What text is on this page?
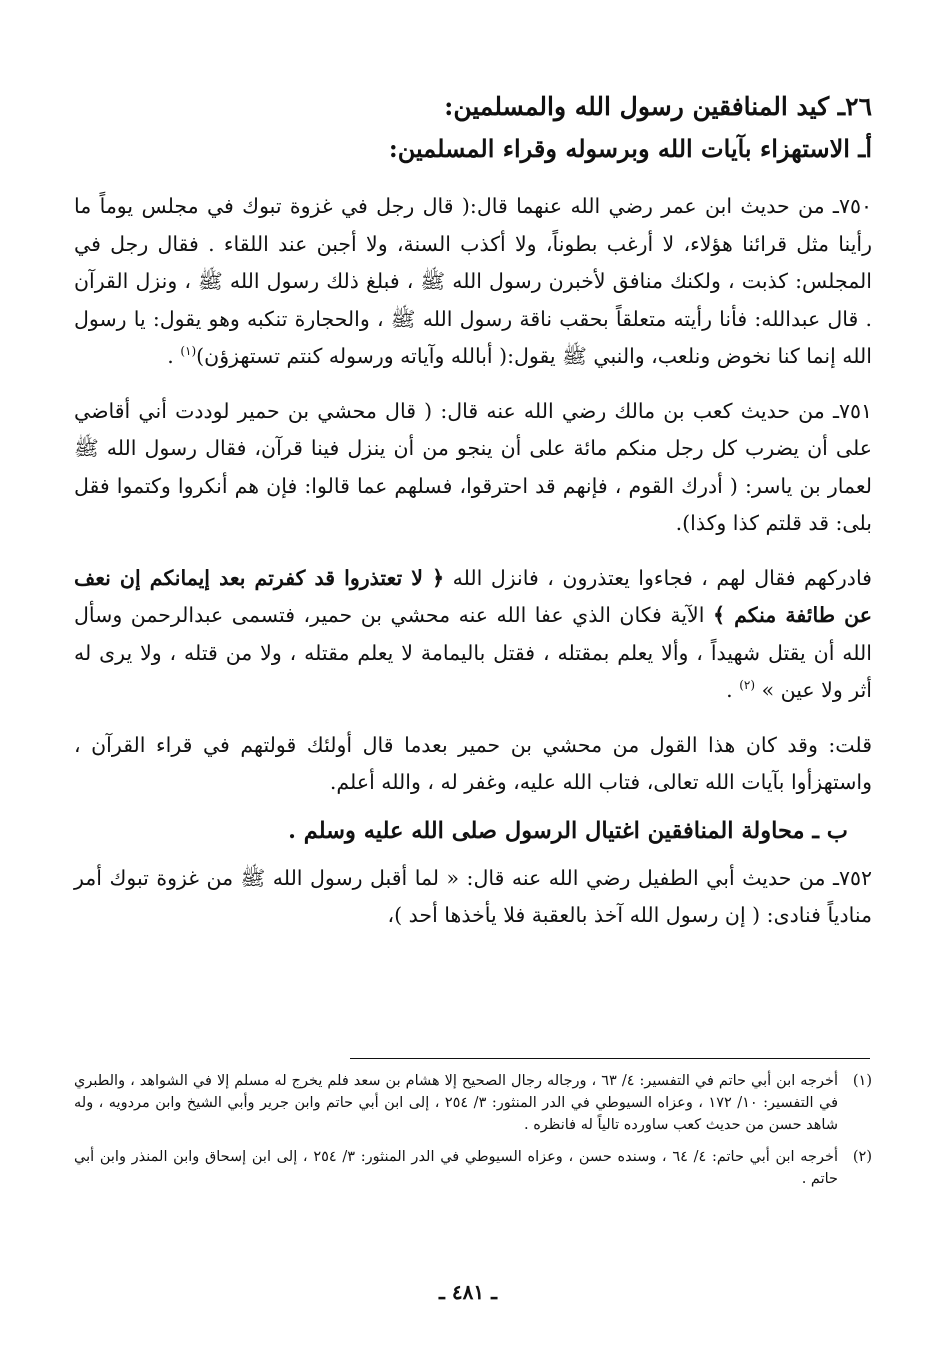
٢٦ـ كيد المنافقين رسول الله والمسلمين:
أـ الاستهزاء بآيات الله وبرسوله وقراء المسلمين:

٧٥٠ـ من حديث ابن عمر رضي الله عنهما قال:( قال رجل في غزوة تبوك في مجلس يوماً ما رأينا مثل قرائنا هؤلاء، لا أرغب بطوناً، ولا أكذب السنة، ولا أجبن عند اللقاء . فقال رجل في المجلس: كذبت ، ولكنك منافق لأخبرن رسول الله ﷺ ، فبلغ ذلك رسول الله ﷺ ، ونزل القرآن . قال عبدالله: فأنا رأيته متعلقاً بحقب ناقة رسول الله ﷺ ، والحجارة تنكبه وهو يقول: يا رسول الله إنما كنا نخوض ونلعب، والنبي ﷺ يقول:( أبالله وآياته ورسوله كنتم تستهزؤن)$^{(١)}$ .

٧٥١ـ من حديث كعب بن مالك رضي الله عنه قال: ( قال محشي بن حمير لوددت أني أقاضي على أن يضرب كل رجل منكم مائة على أن ينجو من أن ينزل فينا قرآن، فقال رسول الله ﷺ لعمار بن ياسر: ( أدرك القوم ، فإنهم قد احترقوا، فسلهم عما قالوا: فإن هم أنكروا وكتموا فقل بلى: قد قلتم كذا وكذا).

فادركهم فقال لهم ، فجاءوا يعتذرون ، فانزل الله ﴿ لا تعتذروا قد كفرتم بعد إيمانكم إن نعف عن طائفة منكم ﴾ الآية فكان الذي عفا الله عنه محشي بن حمير، فتسمى عبدالرحمن وسأل الله أن يقتل شهيداً ، وألا يعلم بمقتله ، فقتل باليمامة لا يعلم مقتله ، ولا من قتله ، ولا يرى له أثر ولا عين » $^{(٢)}$ .

قلت: وقد كان هذا القول من محشي بن حمير بعدما قال أولئك قولتهم في قراء القرآن ، واستهزأوا بآيات الله تعالى، فتاب الله عليه، وغفر له ، والله أعلم.

ب ـ محاولة المنافقين اغتيال الرسول صلى الله عليه وسلم .

٧٥٢ـ من حديث أبي الطفيل رضي الله عنه قال: « لما أقبل رسول الله ﷺ من غزوة تبوك أمر منادياً فنادى: ( إن رسول الله آخذ بالعقبة فلا يأخذها أحد )،

(١)
أخرجه ابن أبي حاتم في التفسير: ٤/ ٦٣ ، ورجاله رجال الصحيح إلا هشام بن سعد فلم يخرج له مسلم إلا في الشواهد ، والطبري في التفسير: ١٠/ ١٧٢ ، وعزاه السيوطي في الدر المنثور: ٣/ ٢٥٤ ، إلى ابن أبي حاتم وابن جرير وأبي الشيخ وابن مردويه ، وله شاهد حسن من حديث كعب ساورده تالياً له فانظره .

(٢)
أخرجه ابن أبي حاتم: ٤/ ٦٤ ، وسنده حسن ، وعزاه السيوطي في الدر المنثور: ٣/ ٢٥٤ ، إلى ابن إسحاق وابن المنذر وابن أبي حاتم .

ـ ٤٨١ ـ
